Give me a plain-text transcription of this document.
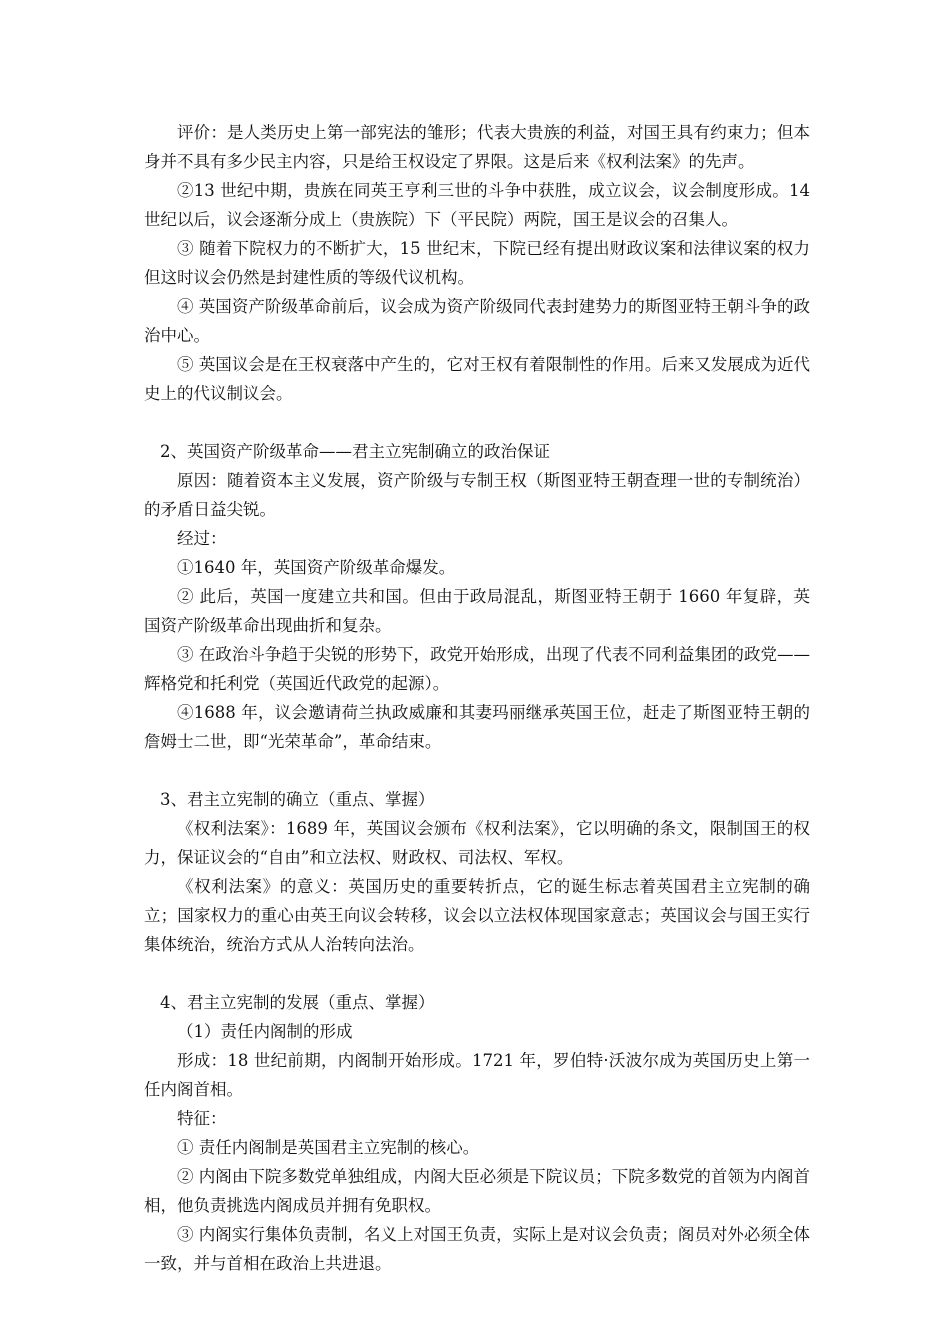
评价：是人类历史上第一部宪法的雏形；代表大贵族的利益，对国王具有约束力；但本身并不具有多少民主内容，只是给王权设定了界限。这是后来《权利法案》的先声。

②13 世纪中期，贵族在同英王亨利三世的斗争中获胜，成立议会，议会制度形成。14 世纪以后，议会逐渐分成上（贵族院）下（平民院）两院，国王是议会的召集人。

③ 随着下院权力的不断扩大，15 世纪末，下院已经有提出财政议案和法律议案的权力但这时议会仍然是封建性质的等级代议机构。

④ 英国资产阶级革命前后，议会成为资产阶级同代表封建势力的斯图亚特王朝斗争的政治中心。

⑤ 英国议会是在王权衰落中产生的，它对王权有着限制性的作用。后来又发展成为近代史上的代议制议会。

2、英国资产阶级革命——君主立宪制确立的政治保证

原因：随着资本主义发展，资产阶级与专制王权（斯图亚特王朝查理一世的专制统治）的矛盾日益尖锐。

经过：

①1640 年，英国资产阶级革命爆发。

② 此后，英国一度建立共和国。但由于政局混乱，斯图亚特王朝于 1660 年复辟，英国资产阶级革命出现曲折和复杂。

③ 在政治斗争趋于尖锐的形势下，政党开始形成，出现了代表不同利益集团的政党——辉格党和托利党（英国近代政党的起源）。

④1688 年，议会邀请荷兰执政威廉和其妻玛丽继承英国王位，赶走了斯图亚特王朝的詹姆士二世，即“光荣革命”，革命结束。

3、君主立宪制的确立（重点、掌握）

《权利法案》：1689 年，英国议会颁布《权利法案》，它以明确的条文，限制国王的权力，保证议会的“自由”和立法权、财政权、司法权、军权。

《权利法案》的意义：英国历史的重要转折点，它的诞生标志着英国君主立宪制的确立；国家权力的重心由英王向议会转移，议会以立法权体现国家意志；英国议会与国王实行集体统治，统治方式从人治转向法治。

4、君主立宪制的发展（重点、掌握）

（1）责任内阁制的形成

形成：18 世纪前期，内阁制开始形成。1721 年，罗伯特·沃波尔成为英国历史上第一任内阁首相。

特征：

① 责任内阁制是英国君主立宪制的核心。

② 内阁由下院多数党单独组成，内阁大臣必须是下院议员；下院多数党的首领为内阁首相，他负责挑选内阁成员并拥有免职权。

③ 内阁实行集体负责制，名义上对国王负责，实际上是对议会负责；阁员对外必须全体一致，并与首相在政治上共进退。
